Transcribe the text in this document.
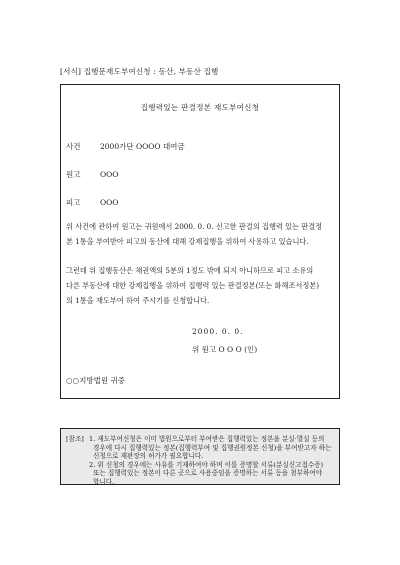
[서식] 집행문재도부여신청 : 동산, 부동산 집행
집행력있는 판결정본 재도부여신청
사건	2000가단 OOOO 대여금
원고	OOO
피고	OOO
위 사건에 관하여 원고는 귀원에서 2000. 0. 0. 선고한 판결의 집행력 있는 판결정
본 1통을 부여받아 피고의 동산에 대해 강제집행을 위하여 사용하고 있습니다.
그런데 위 집행동산은 채권액의 5분의 1정도 밖에 되지 아니하므로 피고 소유의
다른 부동산에 대한 강제집행을 위하여 집행력 있는 판결정본(또는 화해조서정본)
의 1통을 재도부여 하여 주시기를 신청합니다.
2000. 0. 0.
위 원고 O O O (인)
○○지방법원 귀중
[참조] 1. 재도부여신청은 이미 법원으로부터 부여받은 집행력있는 정본을 분실·멸실 등의
경우에 다시 집행력있는 정본(집행력부여 및 집행권원정본 신청)을 부여받고자 하는
신청으로 재판장의 허가가 필요합니다.
2. 위 신청의 경우에는 사유를 기재하여야 하며 이를 증명할 서류(분실신고접수증)
또는 집행력있는 정본이 다른 곳으로 사용중임을 증명하는 서류 등을 첨부하여야
합니다.
